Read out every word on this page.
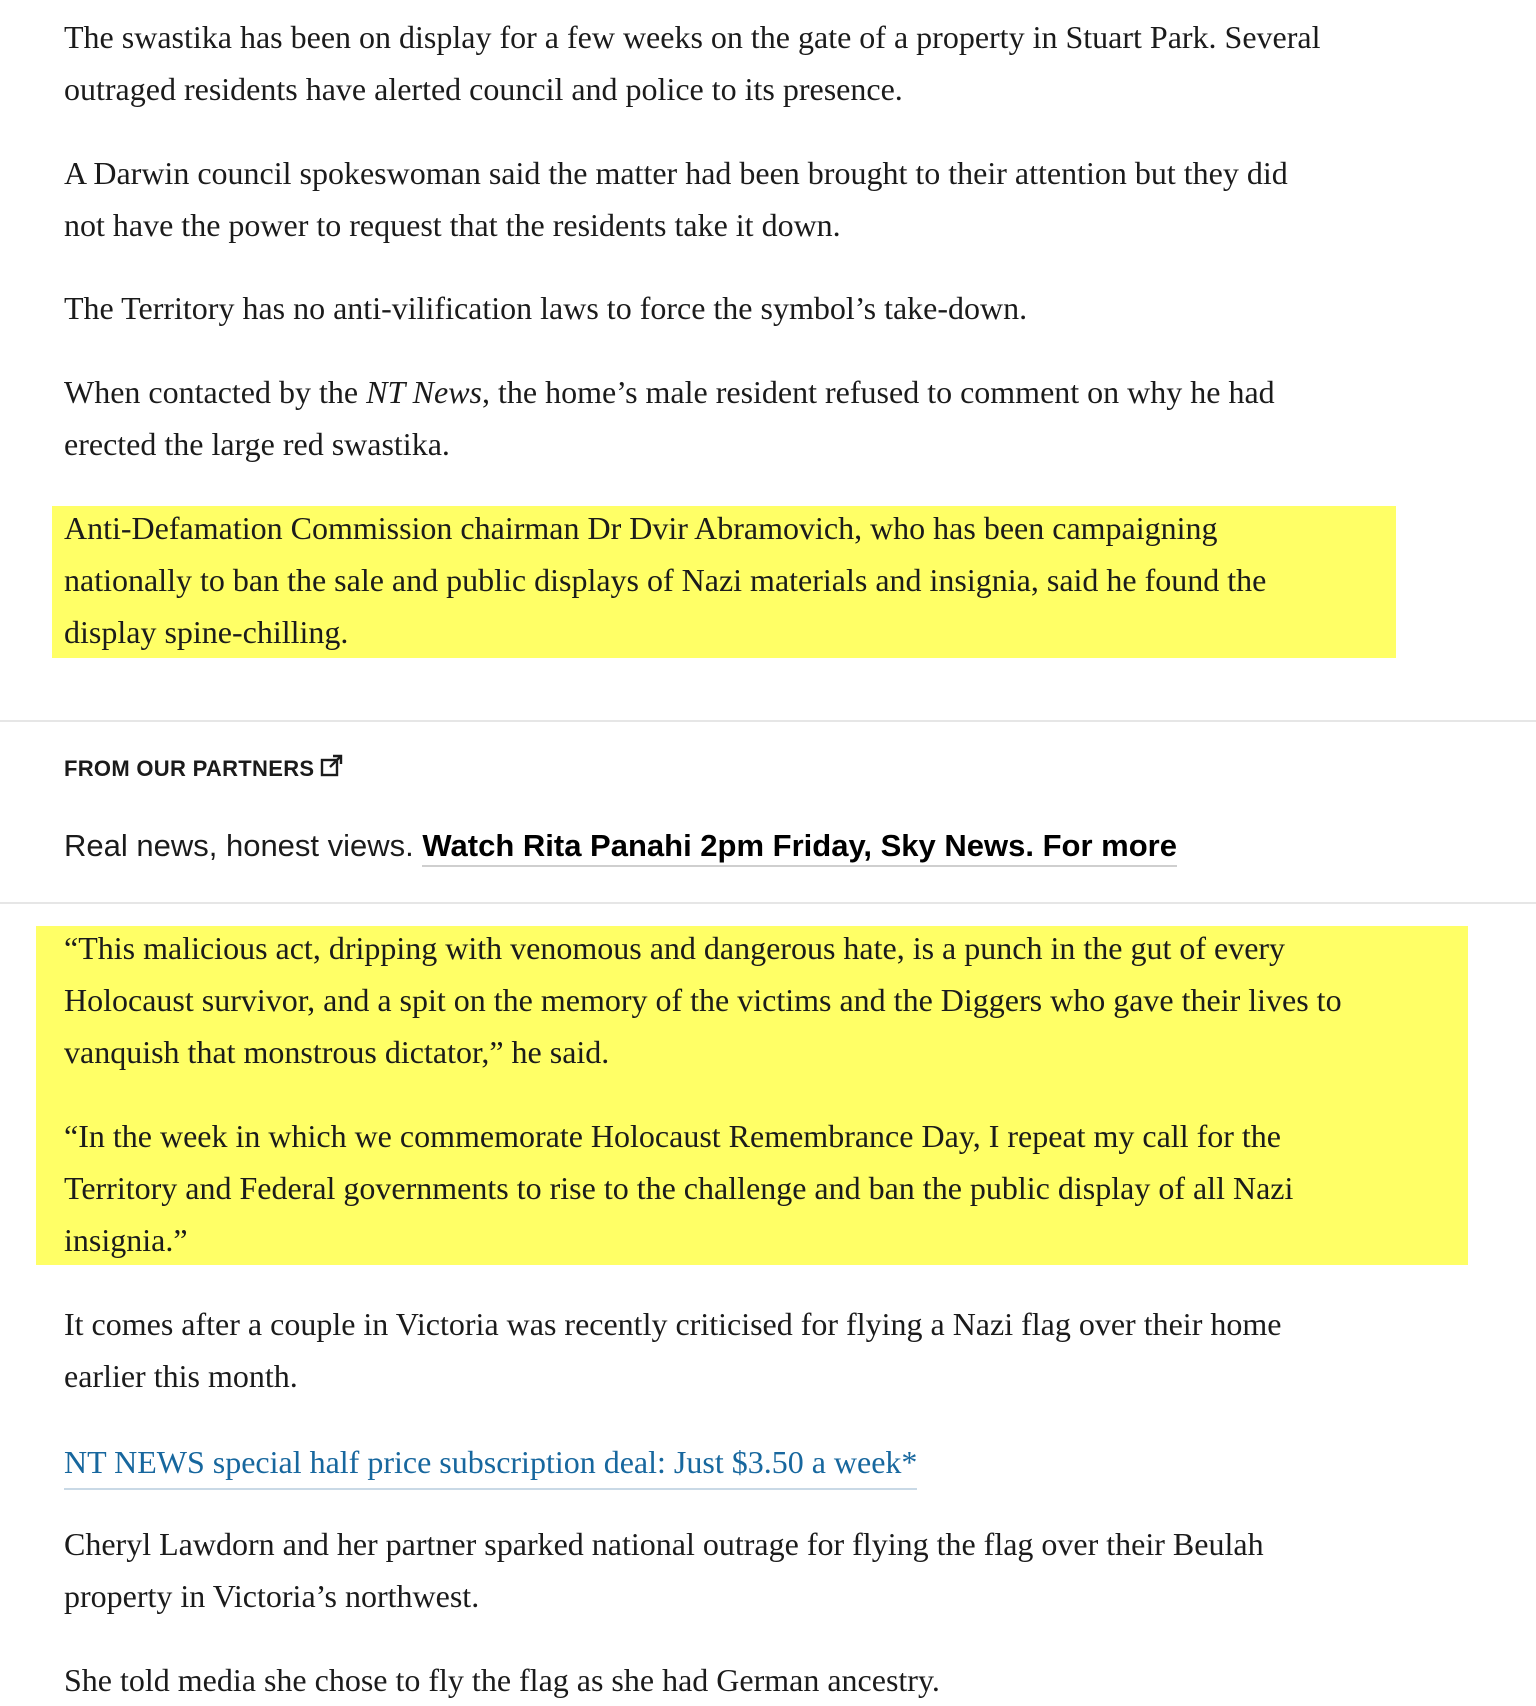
The swastika has been on display for a few weeks on the gate of a property in Stuart Park. Several
outraged residents have alerted council and police to its presence.

A Darwin council spokeswoman said the matter had been brought to their attention but they did
not have the power to request that the residents take it down.

The Territory has no anti-vilification laws to force the symbol’s take-down.

When contacted by the NT News, the home’s male resident refused to comment on why he had
erected the large red swastika.

Anti-Defamation Commission chairman Dr Dvir Abramovich, who has been campaigning
nationally to ban the sale and public displays of Nazi materials and insignia, said he found the
display spine-chilling.

FROM OUR PARTNERS
Real news, honest views. Watch Rita Panahi 2pm Friday, Sky News. For more

“This malicious act, dripping with venomous and dangerous hate, is a punch in the gut of every
Holocaust survivor, and a spit on the memory of the victims and the Diggers who gave their lives to
vanquish that monstrous dictator,” he said.

“In the week in which we commemorate Holocaust Remembrance Day, I repeat my call for the
Territory and Federal governments to rise to the challenge and ban the public display of all Nazi
insignia.”

It comes after a couple in Victoria was recently criticised for flying a Nazi flag over their home
earlier this month.

NT NEWS special half price subscription deal: Just $3.50 a week*

Cheryl Lawdorn and her partner sparked national outrage for flying the flag over their Beulah
property in Victoria’s northwest.

She told media she chose to fly the flag as she had German ancestry.
